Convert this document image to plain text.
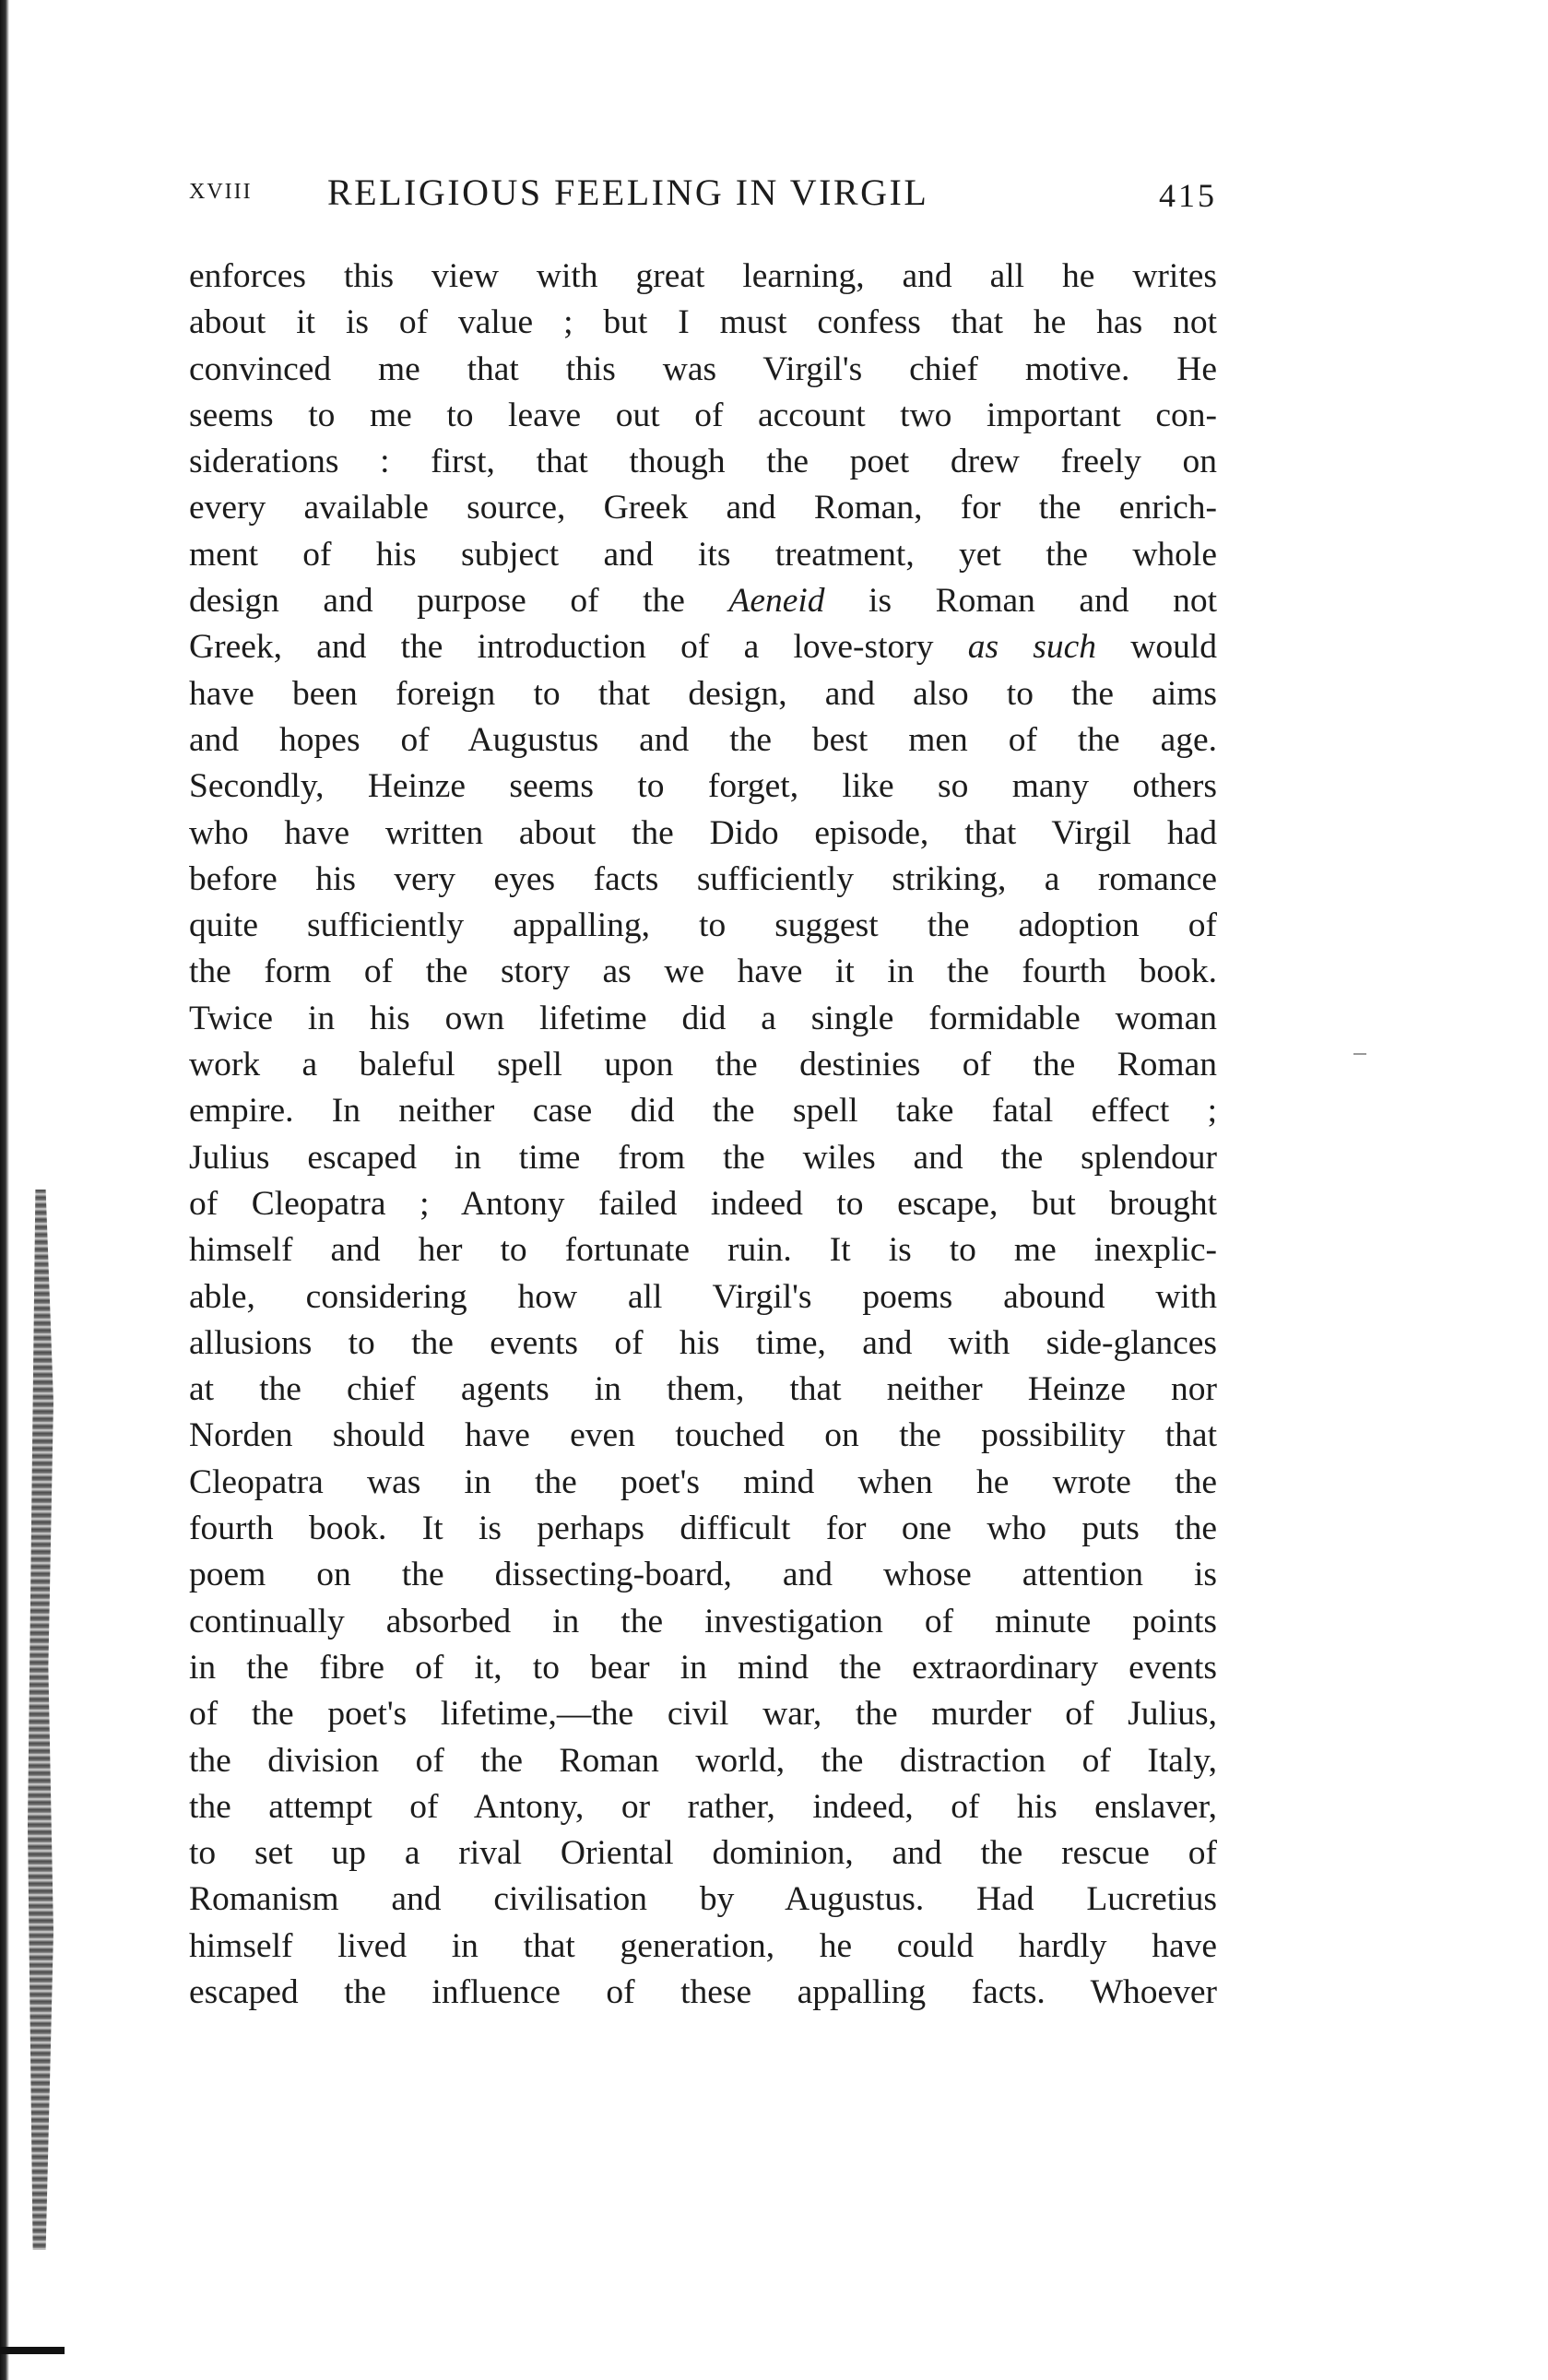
XVIII RELIGIOUS FEELING IN VIRGIL	415
enforces this view with great learning, and all he writes
about it is of value ; but I must confess that he has not
convinced me that this was Virgil's chief motive. He
seems to me to leave out of account two important con-
siderations : first, that though the poet drew freely on
every available source, Greek and Roman, for the enrich-
ment of his subject and its treatment, yet the whole
design and purpose of the Aeneid is Roman and not
Greek, and the introduction of a love-story as such would
have been foreign to that design, and also to the aims
and hopes of Augustus and the best men of the age.
Secondly, Heinze seems to forget, like so many others
who have written about the Dido episode, that Virgil had
before his very eyes facts sufficiently striking, a romance
quite sufficiently appalling, to suggest the adoption of
the form of the story as we have it in the fourth book.
Twice in his own lifetime did a single formidable woman
work a baleful spell upon the destinies of the Roman
empire. In neither case did the spell take fatal effect ;
Julius escaped in time from the wiles and the splendour
of Cleopatra ; Antony failed indeed to escape, but brought
himself and her to fortunate ruin. It is to me inexplic-
able, considering how all Virgil's poems abound with
allusions to the events of his time, and with side-glances
at the chief agents in them, that neither Heinze nor
Norden should have even touched on the possibility that
Cleopatra was in the poet's mind when he wrote the
fourth book. It is perhaps difficult for one who puts the
poem on the dissecting-board, and whose attention is
continually absorbed in the investigation of minute points
in the fibre of it, to bear in mind the extraordinary events
of the poet's lifetime,—the civil war, the murder of Julius,
the division of the Roman world, the distraction of Italy,
the attempt of Antony, or rather, indeed, of his enslaver,
to set up a rival Oriental dominion, and the rescue of
Romanism and civilisation by Augustus. Had Lucretius
himself lived in that generation, he could hardly have
escaped the influence of these appalling facts. Whoever
